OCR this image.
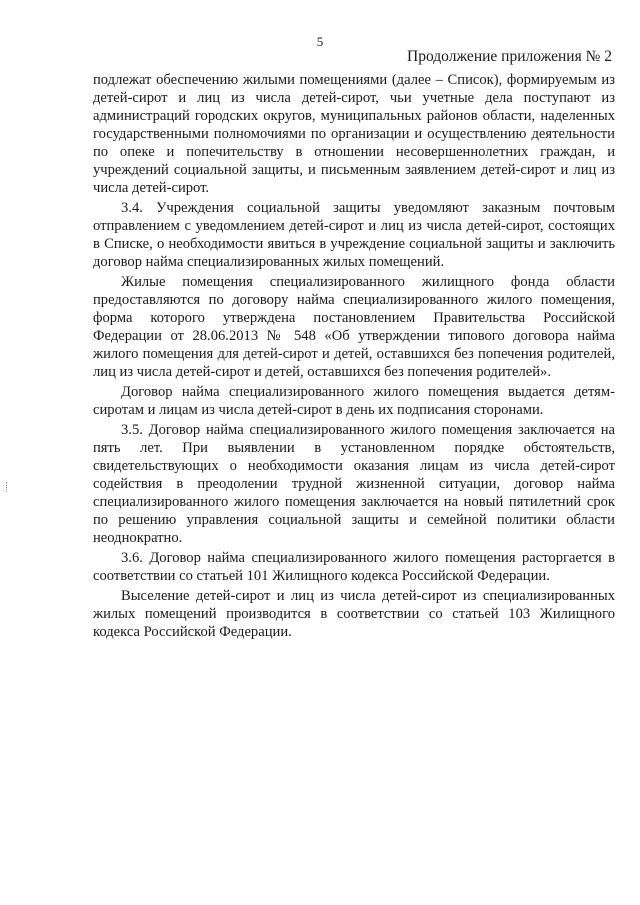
5
Продолжение приложения № 2

подлежат обеспечению жилыми помещениями (далее – Список), формируемым из детей-сирот и лиц из числа детей-сирот, чьи учетные дела поступают из администраций городских округов, муниципальных районов области, наделенных государственными полномочиями по организации и осуществлению деятельности по опеке и попечительству в отношении несовершеннолетних граждан, и учреждений социальной защиты, и письменным заявлением детей-сирот и лиц из числа детей-сирот.

3.4. Учреждения социальной защиты уведомляют заказным почтовым отправлением с уведомлением детей-сирот и лиц из числа детей-сирот, состоящих в Списке, о необходимости явиться в учреждение социальной защиты и заключить договор найма специализированных жилых помещений.

Жилые помещения специализированного жилищного фонда области предоставляются по договору найма специализированного жилого помещения, форма которого утверждена постановлением Правительства Российской Федерации от 28.06.2013 № 548 «Об утверждении типового договора найма жилого помещения для детей-сирот и детей, оставшихся без попечения родителей, лиц из числа детей-сирот и детей, оставшихся без попечения родителей».

Договор найма специализированного жилого помещения выдается детям-сиротам и лицам из числа детей-сирот в день их подписания сторонами.

3.5. Договор найма специализированного жилого помещения заключается на пять лет. При выявлении в установленном порядке обстоятельств, свидетельствующих о необходимости оказания лицам из числа детей-сирот содействия в преодолении трудной жизненной ситуации, договор найма специализированного жилого помещения заключается на новый пятилетний срок по решению управления социальной защиты и семейной политики области неоднократно.

3.6. Договор найма специализированного жилого помещения расторгается в соответствии со статьей 101 Жилищного кодекса Российской Федерации.

Выселение детей-сирот и лиц из числа детей-сирот из специализированных жилых помещений производится в соответствии со статьей 103 Жилищного кодекса Российской Федерации.
